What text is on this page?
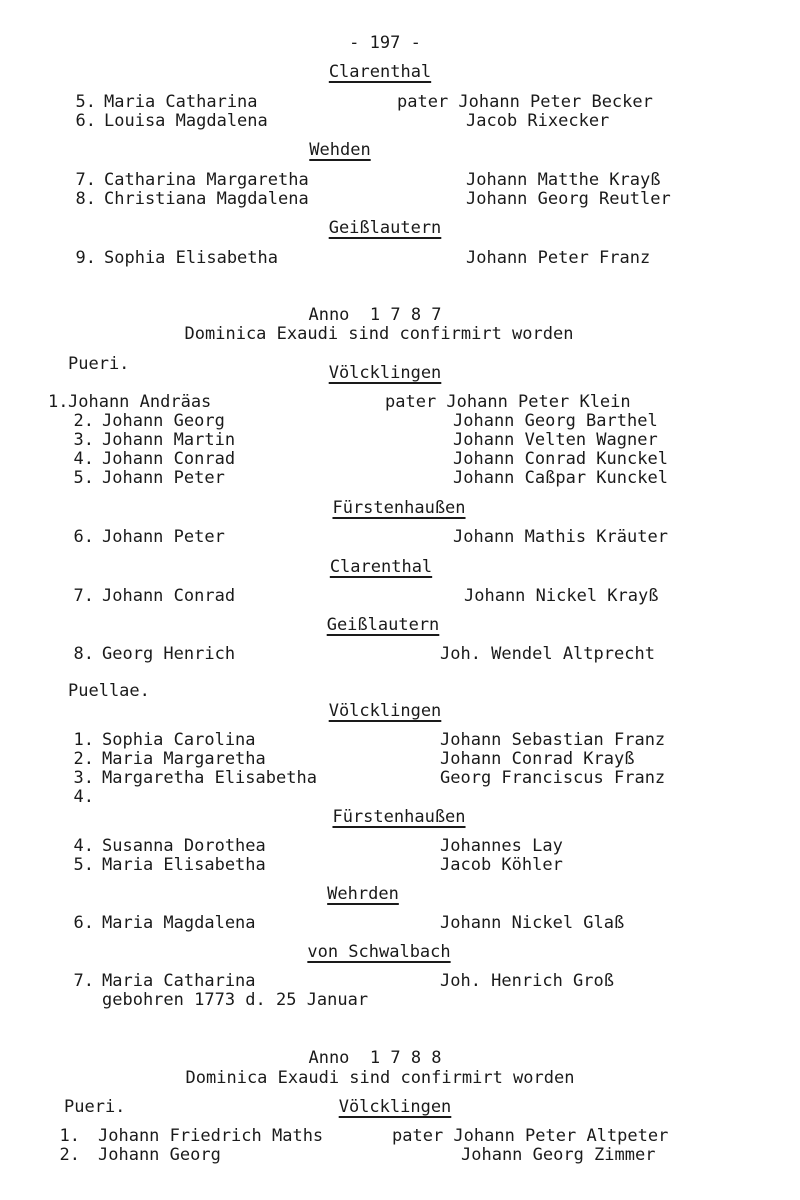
- 197 -
Clarenthal
5. Maria Catharina	pater Johann Peter Becker
6. Louisa Magdalena	Jacob Rixecker
Wehden
7. Catharina Margaretha	Johann Matthe Krayß
8. Christiana Magdalena	Johann Georg Reutler
Geißlautern
9. Sophia Elisabetha	Johann Peter Franz
Anno  1 7 8 7
Dominica Exaudi sind confirmirt worden
Pueri.	Völcklingen
1. Johann Andräas	pater Johann Peter Klein
2. Johann Georg	Johann Georg Barthel
3. Johann Martin	Johann Velten Wagner
4. Johann Conrad	Johann Conrad Kunckel
5. Johann Peter	Johann Caßpar Kunckel
Fürstenhaußen
6. Johann Peter	Johann Mathis Kräuter
Clarenthal
7. Johann Conrad	Johann Nickel Krayß
Geißlautern
8. Georg Henrich	Joh. Wendel Altprecht
Puellae.
Völcklingen
1. Sophia Carolina	Johann Sebastian Franz
2. Maria Margaretha	Johann Conrad Krayß
3. Margaretha Elisabetha	Georg Franciscus Franz
4.
Fürstenhaußen
4. Susanna Dorothea	Johannes Lay
5. Maria Elisabetha	Jacob Köhler
Wehrden
6. Maria Magdalena	Johann Nickel Glaß
von Schwalbach
7. Maria Catharina	Joh. Henrich Groß
gebohren 1773 d. 25 Januar
Anno  1 7 8 8
Dominica Exaudi sind confirmirt worden
Pueri.	Völcklingen
1. Johann Friedrich Maths	pater Johann Peter Altpeter
2. Johann Georg	Johann Georg Zimmer
